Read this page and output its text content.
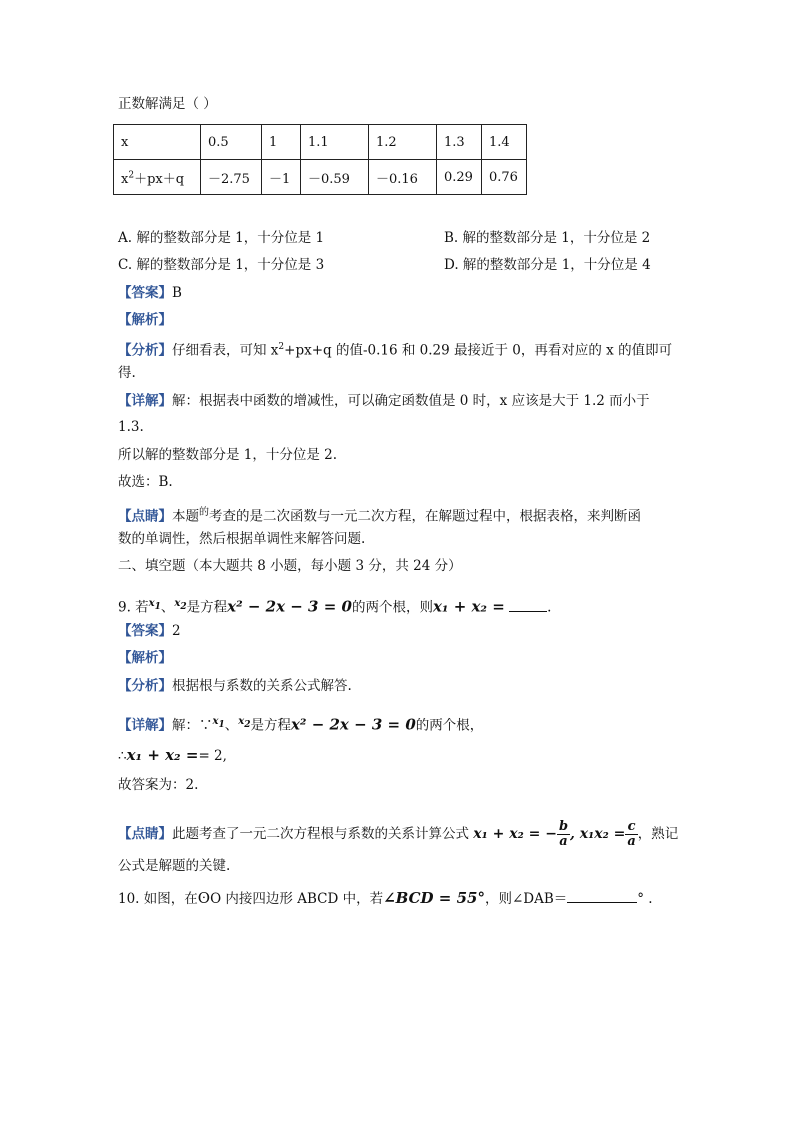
正数解满足（ ）
x	0.5	1	1.1	1.2	1.3	1.4
$x^2+px+q$	－2.75	－1	－0.59	－0.16	0.29	0.76
A. 解的整数部分是 1，十分位是 1	B. 解的整数部分是 1，十分位是 2
C. 解的整数部分是 1，十分位是 3	D. 解的整数部分是 1，十分位是 4
【答案】B
【解析】
【分析】仔细看表，可知 $x^2+px+q$ 的值-0.16 和 0.29 最接近于 0，再看对应的 x 的值即可
得.
【详解】解：根据表中函数的增减性，可以确定函数值是 0 时，x 应该是大于 1.2 而小于
1.3.
所以解的整数部分是 1，十分位是 2.
故选：B.
【点睛】本题$^的$考查的是二次函数与一元二次方程，在解题过程中，根据表格，来判断函
数的单调性，然后根据单调性来解答问题.
二、填空题（本大题共 8 小题，每小题 3 分，共 24 分）
9. 若$^{x1}$、$^{x2}$是方程x² − 2x − 3 = 0的两个根，则x₁ + x₂ =	.
【答案】2
【解析】
【分析】根据根与系数的关系公式解答.
【详解】解：∵$^{x1}$、$^{x2}$是方程x² − 2x − 3 = 0的两个根，
∴x₁ + x₂ == 2,
故答案为：2.
【点睛】此题考查了一元二次方程根与系数的关系计算公式 x₁ + x₂ = − $\frac{b}{a}$ , $x_1x_2 = \frac{c}{a}$ ，熟记
公式是解题的关键.
10. 如图，在ʘO 内接四边形 ABCD 中，若∠BCD = 55°，则∠DAB＝	° .
